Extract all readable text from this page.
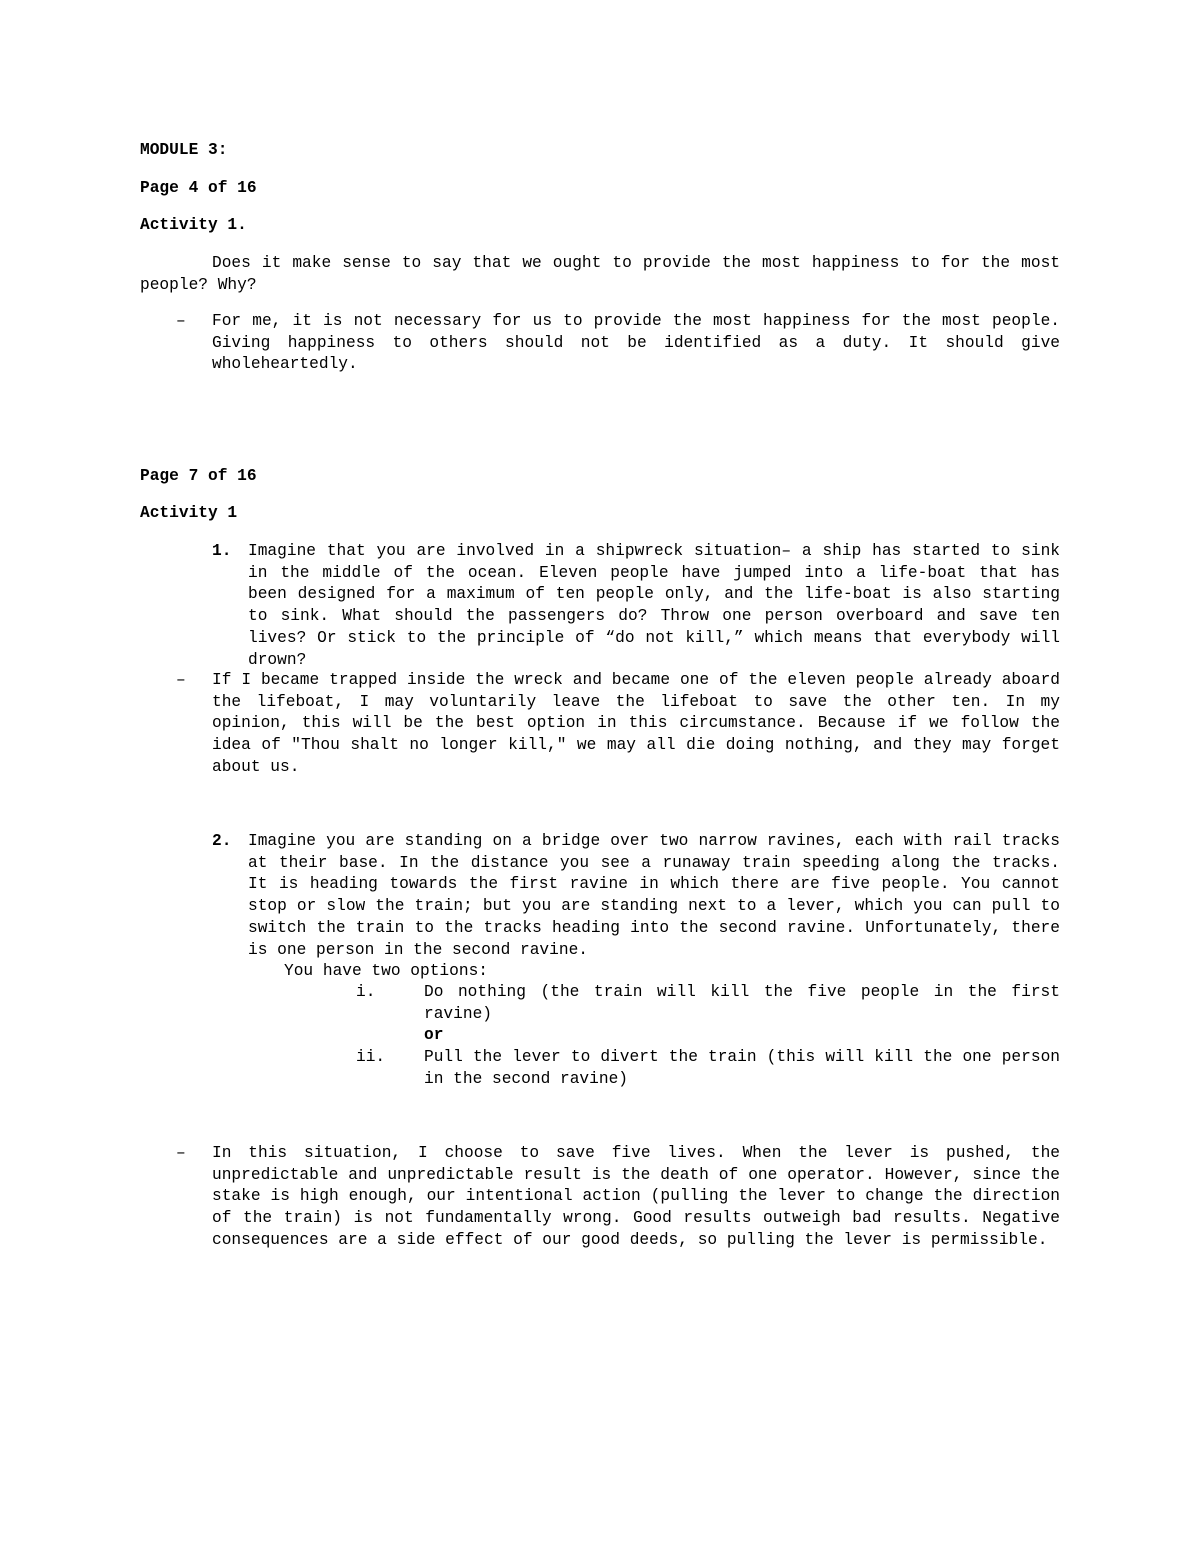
MODULE 3:
Page 4 of 16
Activity 1.
Does it make sense to say that we ought to provide the most happiness to for the most people? Why?
– For me, it is not necessary for us to provide the most happiness for the most people. Giving happiness to others should not be identified as a duty. It should give wholeheartedly.
Page 7 of 16
Activity 1
1. Imagine that you are involved in a shipwreck situation– a ship has started to sink in the middle of the ocean. Eleven people have jumped into a life-boat that has been designed for a maximum of ten people only, and the life-boat is also starting to sink. What should the passengers do? Throw one person overboard and save ten lives? Or stick to the principle of “do not kill,” which means that everybody will drown?
– If I became trapped inside the wreck and became one of the eleven people already aboard the lifeboat, I may voluntarily leave the lifeboat to save the other ten. In my opinion, this will be the best option in this circumstance. Because if we follow the idea of "Thou shalt no longer kill," we may all die doing nothing, and they may forget about us.
2. Imagine you are standing on a bridge over two narrow ravines, each with rail tracks at their base. In the distance you see a runaway train speeding along the tracks. It is heading towards the first ravine in which there are five people. You cannot stop or slow the train; but you are standing next to a lever, which you can pull to switch the train to the tracks heading into the second ravine. Unfortunately, there is one person in the second ravine.
You have two options:
i.	Do nothing (the train will kill the five people in the first ravine)
or
ii. Pull the lever to divert the train (this will kill the one person in the second ravine)
– In this situation, I choose to save five lives. When the lever is pushed, the unpredictable and unpredictable result is the death of one operator. However, since the stake is high enough, our intentional action (pulling the lever to change the direction of the train) is not fundamentally wrong. Good results outweigh bad results. Negative consequences are a side effect of our good deeds, so pulling the lever is permissible.
